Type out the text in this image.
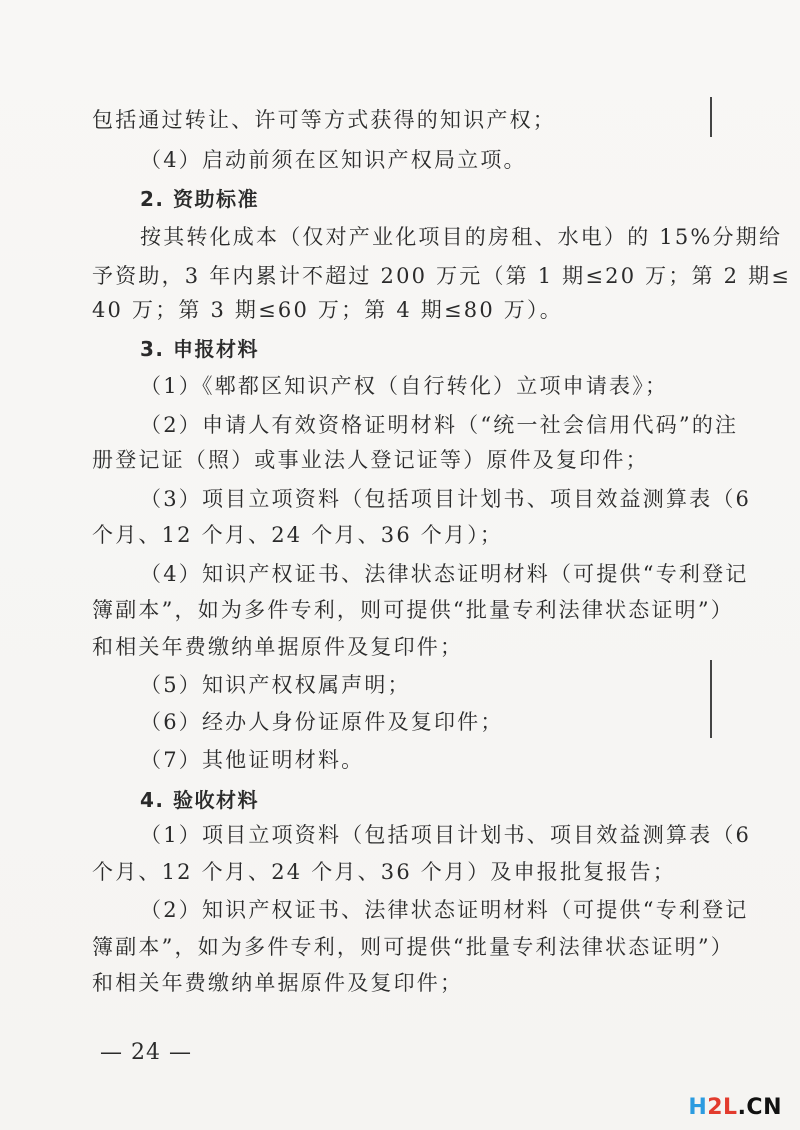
包括通过转让、许可等方式获得的知识产权；
（4）启动前须在区知识产权局立项。
2. 资助标准
按其转化成本（仅对产业化项目的房租、水电）的 15%分期给
予资助，3 年内累计不超过 200 万元（第 1 期≤20 万；第 2 期≤
40 万；第 3 期≤60 万；第 4 期≤80 万）。
3. 申报材料
（1）《郫都区知识产权（自行转化）立项申请表》；
（2）申请人有效资格证明材料（“统一社会信用代码”的注
册登记证（照）或事业法人登记证等）原件及复印件；
（3）项目立项资料（包括项目计划书、项目效益测算表（6
个月、12 个月、24 个月、36 个月）；
（4）知识产权证书、法律状态证明材料（可提供“专利登记
簿副本”，如为多件专利，则可提供“批量专利法律状态证明”）
和相关年费缴纳单据原件及复印件；
（5）知识产权权属声明；
（6）经办人身份证原件及复印件；
（7）其他证明材料。
4. 验收材料
（1）项目立项资料（包括项目计划书、项目效益测算表（6
个月、12 个月、24 个月、36 个月）及申报批复报告；
（2）知识产权证书、法律状态证明材料（可提供“专利登记
簿副本”，如为多件专利，则可提供“批量专利法律状态证明”）
和相关年费缴纳单据原件及复印件；
— 24 —
H2L.CN
